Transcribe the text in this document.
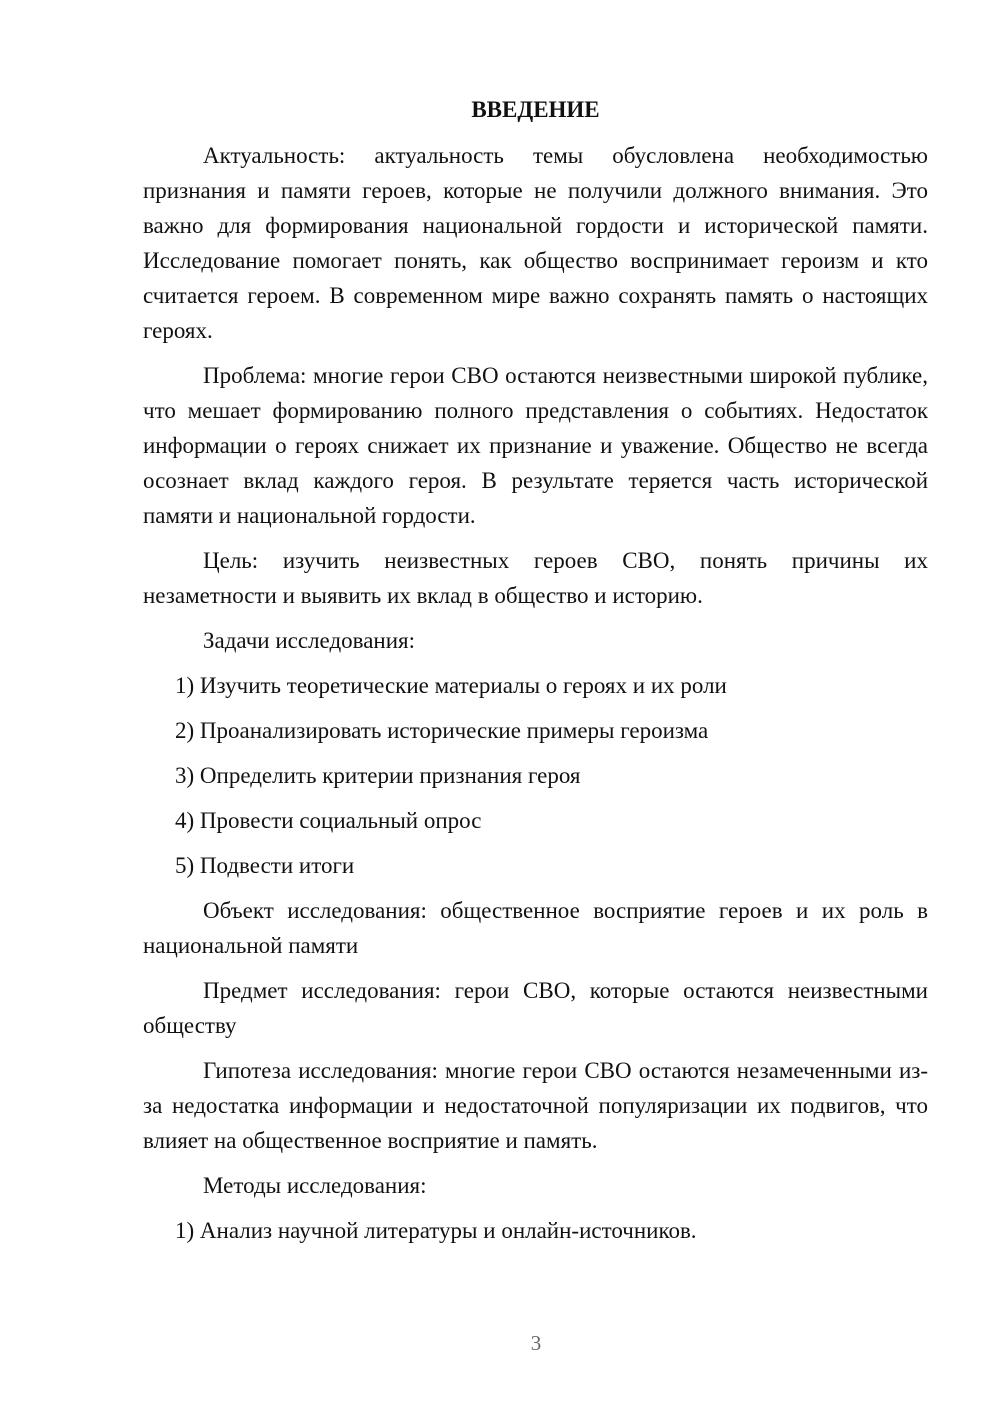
ВВЕДЕНИЕ

Актуальность: актуальность темы обусловлена необходимостью признания и памяти героев, которые не получили должного внимания. Это важно для формирования национальной гордости и исторической памяти. Исследование помогает понять, как общество воспринимает героизм и кто считается героем. В современном мире важно сохранять память о настоящих героях.

Проблема: многие герои СВО остаются неизвестными широкой публике, что мешает формированию полного представления о событиях. Недостаток информации о героях снижает их признание и уважение. Общество не всегда осознает вклад каждого героя. В результате теряется часть исторической памяти и национальной гордости.

Цель: изучить неизвестных героев СВО, понять причины их незаметности и выявить их вклад в общество и историю.

Задачи исследования:

1) Изучить теоретические материалы о героях и их роли

2) Проанализировать исторические примеры героизма

3) Определить критерии признания героя

4) Провести социальный опрос

5) Подвести итоги

Объект исследования: общественное восприятие героев и их роль в национальной памяти

Предмет исследования: герои СВО, которые остаются неизвестными обществу

Гипотеза исследования: многие герои СВО остаются незамеченными из-за недостатка информации и недостаточной популяризации их подвигов, что влияет на общественное восприятие и память.

Методы исследования:

1) Анализ научной литературы и онлайн-источников.

3
